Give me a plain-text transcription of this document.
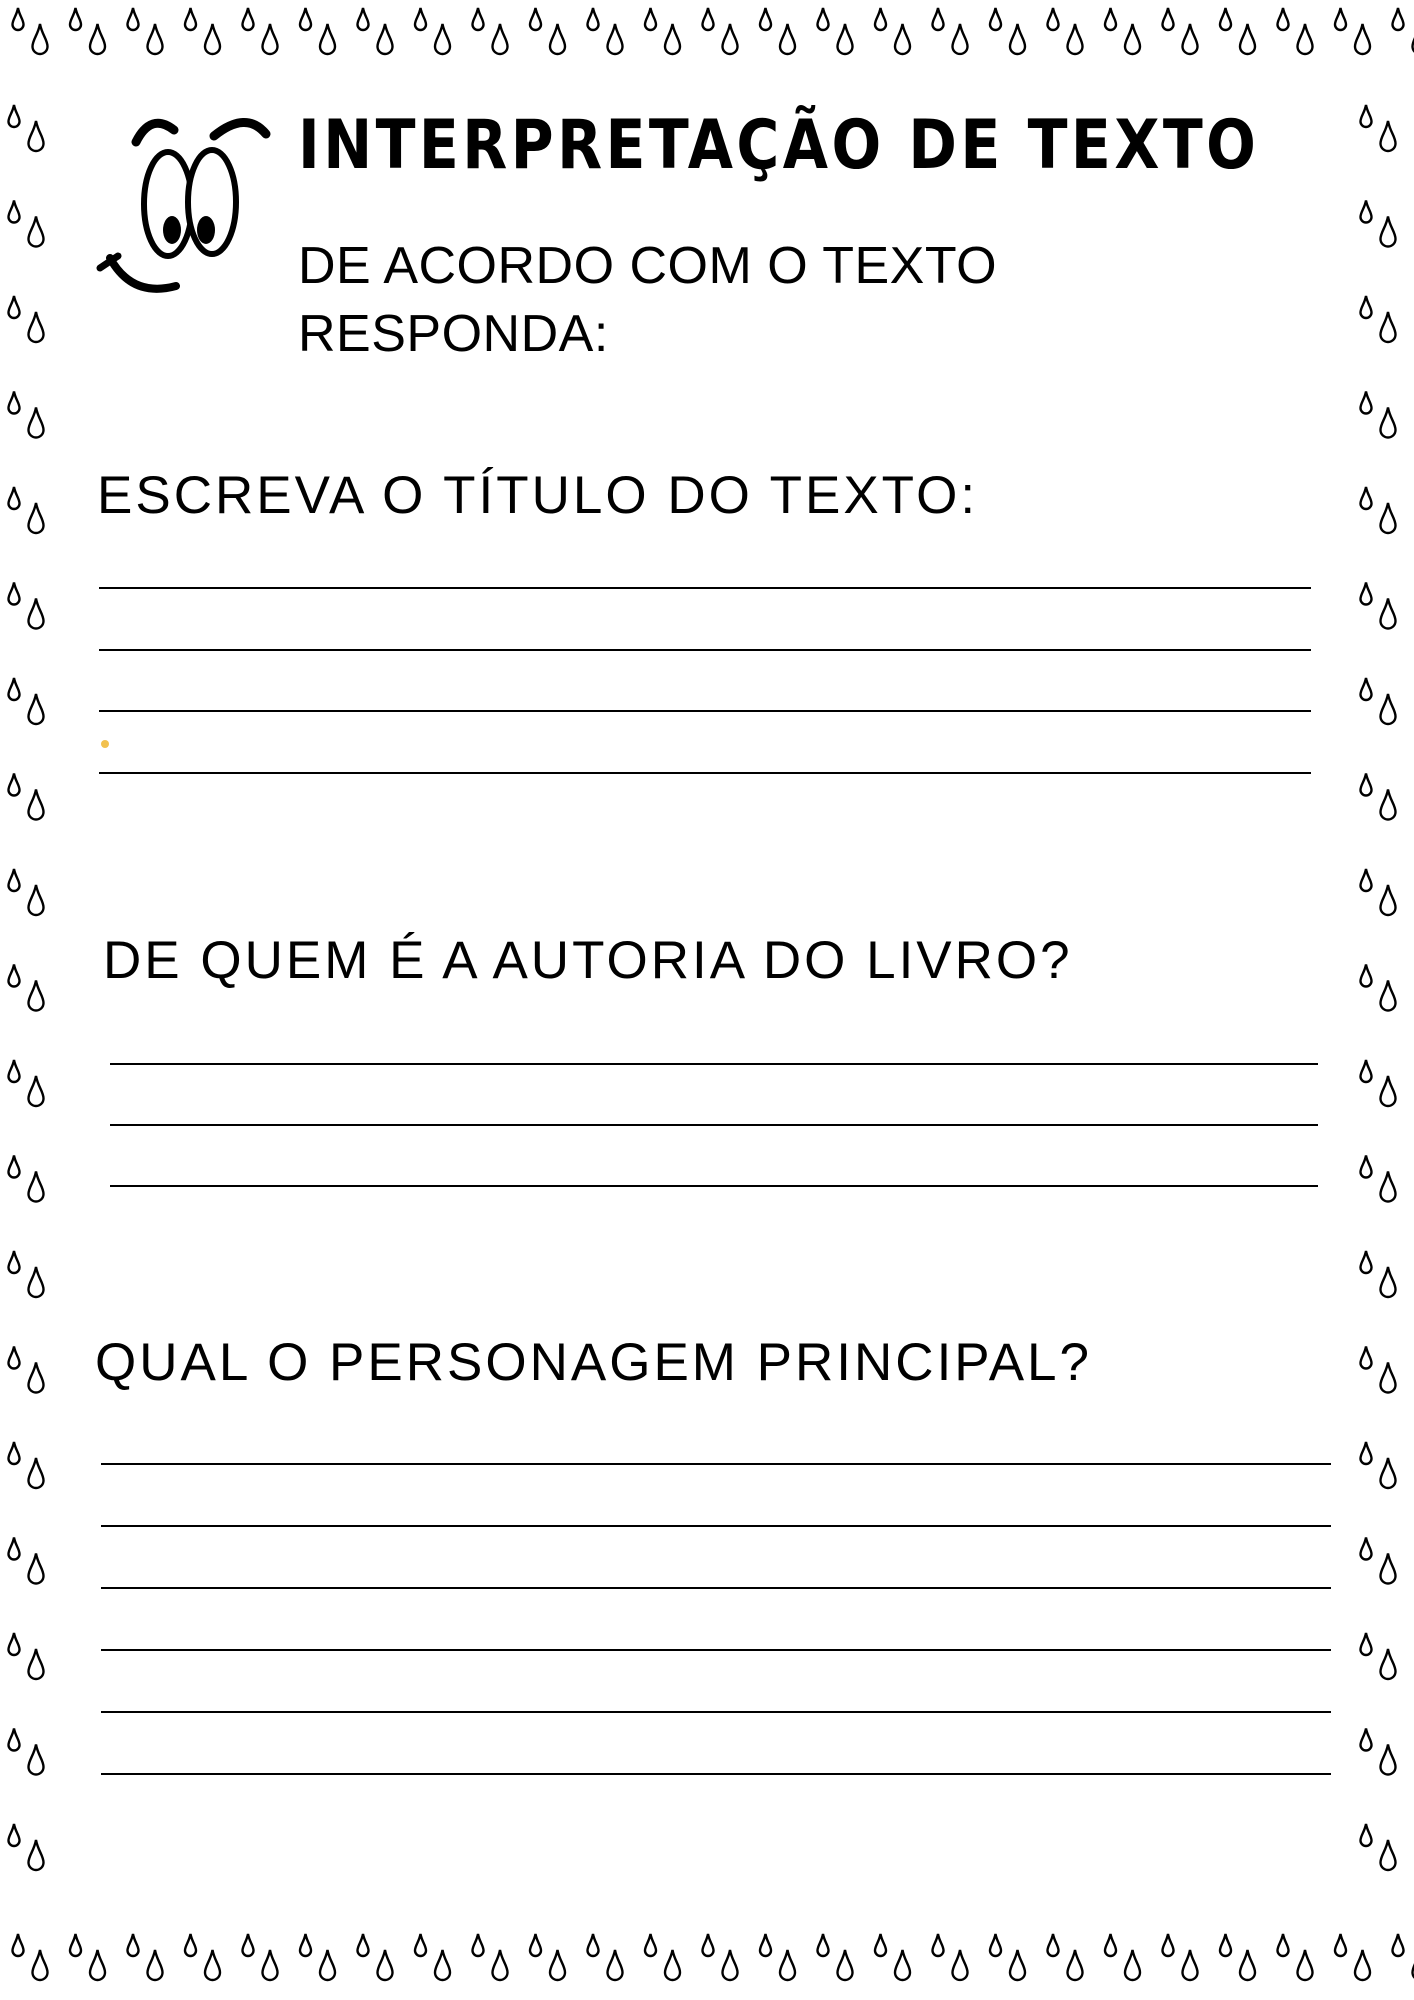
INTERPRETAÇÃO DE TEXTO
DE ACORDO COM O TEXTO RESPONDA:
ESCREVA O TÍTULO DO TEXTO:
DE QUEM É A AUTORIA DO LIVRO?
QUAL O PERSONAGEM PRINCIPAL?
